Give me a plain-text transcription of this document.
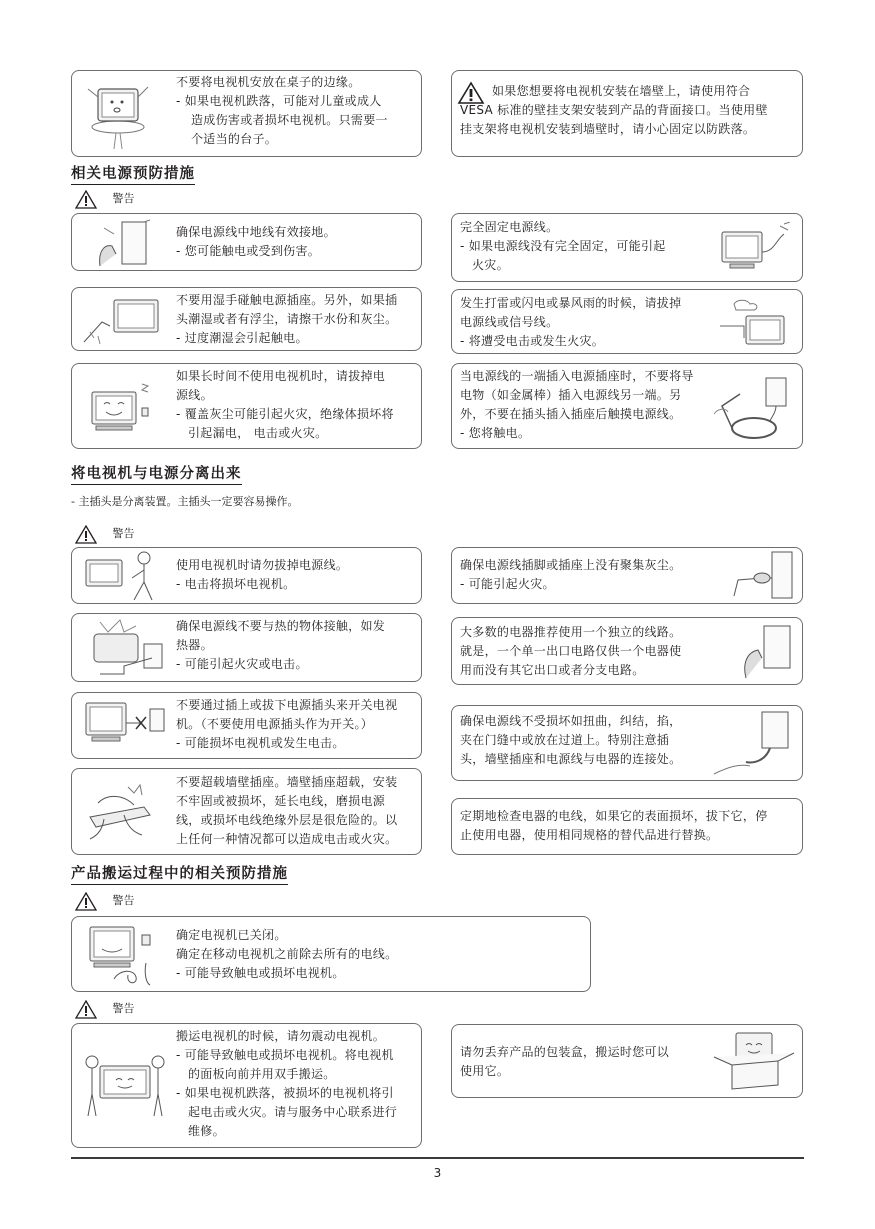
不要将电视机安放在桌子的边缘。
- 如果电视机跌落，可能对儿童或成人
造成伤害或者损坏电视机。只需要一
个适当的台子。
如果您想要将电视机安装在墙壁上，请使用符合
VESA 标准的壁挂支架安装到产品的背面接口。当使用壁
挂支架将电视机安装到墙壁时，请小心固定以防跌落。
相关电源预防措施
警告
确保电源线中地线有效接地。
- 您可能触电或受到伤害。
完全固定电源线。
- 如果电源线没有完全固定，可能引起
火灾。
不要用湿手碰触电源插座。另外，如果插
头潮湿或者有浮尘，请擦干水份和灰尘。
- 过度潮湿会引起触电。
发生打雷或闪电或暴风雨的时候，请拔掉
电源线或信号线。
- 将遭受电击或发生火灾。
如果长时间不使用电视机时，请拔掉电
源线。
- 覆盖灰尘可能引起火灾，绝缘体损坏将
引起漏电， 电击或火灾。
当电源线的一端插入电源插座时，不要将导
电物（如金属棒）插入电源线另一端。另
外，不要在插头插入插座后触摸电源线。
- 您将触电。
将电视机与电源分离出来
- 主插头是分离装置。主插头一定要容易操作。
警告
使用电视机时请勿拔掉电源线。
- 电击将损坏电视机。
确保电源线插脚或插座上没有聚集灰尘。
- 可能引起火灾。
确保电源线不要与热的物体接触，如发
热器。
- 可能引起火灾或电击。
大多数的电器推荐使用一个独立的线路。
就是，一个单一出口电路仅供一个电器使
用而没有其它出口或者分支电路。
不要通过插上或拔下电源插头来开关电视
机。（不要使用电源插头作为开关。）
- 可能损坏电视机或发生电击。
确保电源线不受损坏如扭曲，纠结，掐，
夹在门缝中或放在过道上。特别注意插
头，墙壁插座和电源线与电器的连接处。
不要超载墙壁插座。墙壁插座超载，安装
不牢固或被损坏，延长电线，磨损电源
线，或损坏电线绝缘外层是很危险的。以
上任何一种情况都可以造成电击或火灾。
定期地检查电器的电线，如果它的表面损坏，拔下它，停
止使用电器，使用相同规格的替代品进行替换。
产品搬运过程中的相关预防措施
警告
确定电视机已关闭。
确定在移动电视机之前除去所有的电线。
- 可能导致触电或损坏电视机。
警告
搬运电视机的时候，请勿震动电视机。
- 可能导致触电或损坏电视机。将电视机
的面板向前并用双手搬运。
- 如果电视机跌落，被损坏的电视机将引
起电击或火灾。请与服务中心联系进行
维修。
请勿丢弃产品的包装盒，搬运时您可以
使用它。
3
